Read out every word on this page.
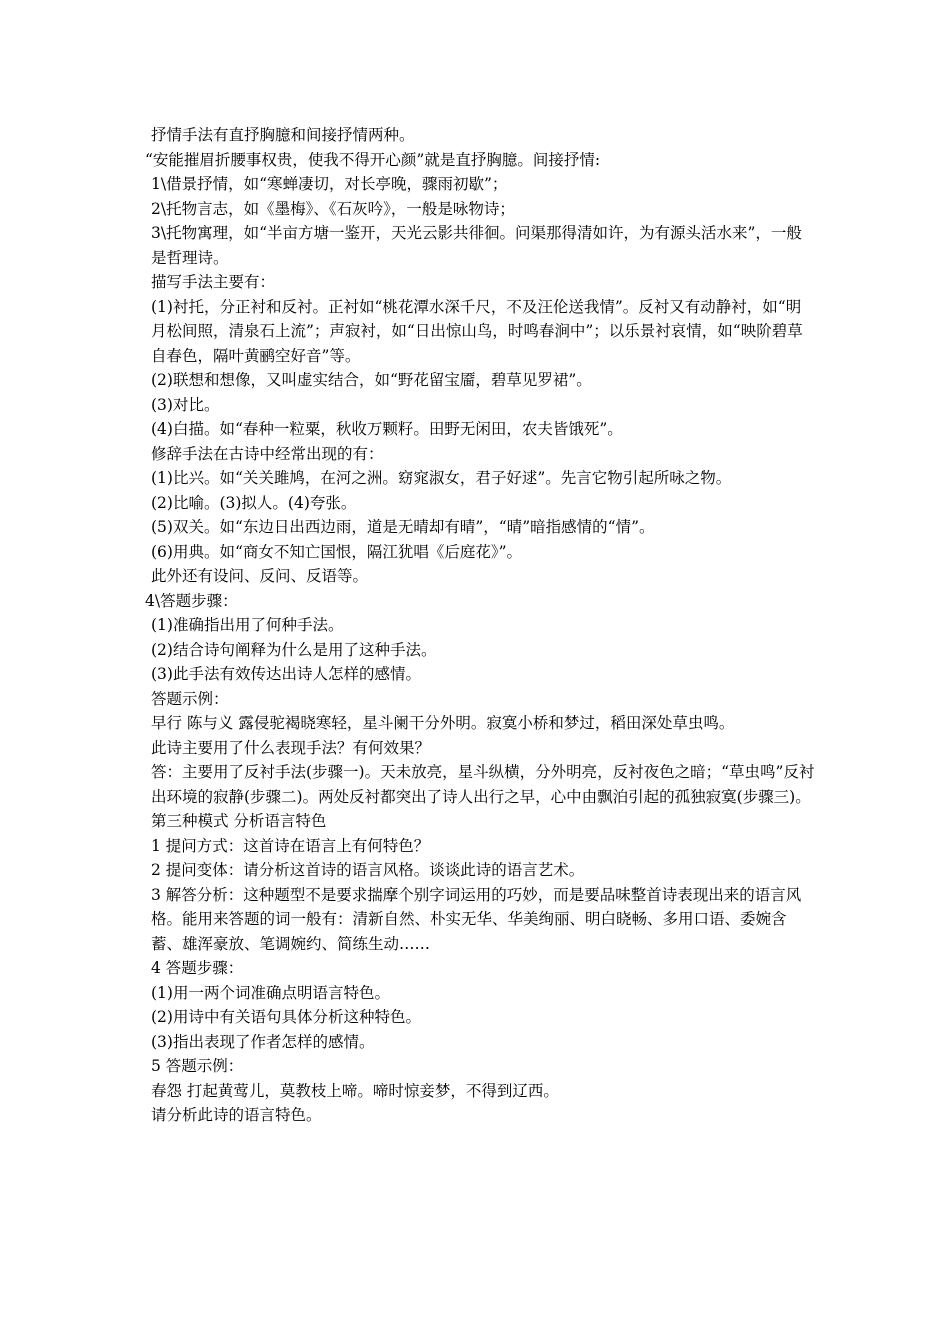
抒情手法有直抒胸臆和间接抒情两种。

“安能摧眉折腰事权贵，使我不得开心颜”就是直抒胸臆。间接抒情:

1\借景抒情，如“寒蝉凄切，对长亭晚，骤雨初歇”；

2\托物言志，如《墨梅》、《石灰吟》，一般是咏物诗；

3\托物寓理，如“半亩方塘一鉴开，天光云影共徘徊。问渠那得清如许，为有源头活水来”，一般是哲理诗。

描写手法主要有：

(1)衬托，分正衬和反衬。正衬如“桃花潭水深千尺，不及汪伦送我情”。反衬又有动静衬，如“明月松间照，清泉石上流”；声寂衬，如“日出惊山鸟，时鸣春涧中”；以乐景衬哀情，如“映阶碧草自春色，隔叶黄鹂空好音”等。

(2)联想和想像，又叫虚实结合，如“野花留宝靥，碧草见罗裙”。

(3)对比。

(4)白描。如“春种一粒粟，秋收万颗籽。田野无闲田，农夫皆饿死”。

修辞手法在古诗中经常出现的有：

(1)比兴。如“关关雎鸠，在河之洲。窈窕淑女，君子好逑”。先言它物引起所咏之物。

(2)比喻。(3)拟人。(4)夸张。

(5)双关。如“东边日出西边雨，道是无晴却有晴”，“晴”暗指感情的“情”。

(6)用典。如“商女不知亡国恨，隔江犹唱《后庭花》”。

此外还有设问、反问、反语等。

4\答题步骤：

(1)准确指出用了何种手法。

(2)结合诗句阐释为什么是用了这种手法。

(3)此手法有效传达出诗人怎样的感情。

答题示例：

早行 陈与义 露侵驼褐晓寒轻，星斗阑干分外明。寂寞小桥和梦过，稻田深处草虫鸣。

此诗主要用了什么表现手法？有何效果？

答：主要用了反衬手法(步骤一)。天未放亮，星斗纵横，分外明亮，反衬夜色之暗；“草虫鸣”反衬出环境的寂静(步骤二)。两处反衬都突出了诗人出行之早，心中由飘泊引起的孤独寂寞(步骤三)。

第三种模式 分析语言特色

1 提问方式：这首诗在语言上有何特色？

2 提问变体：请分析这首诗的语言风格。谈谈此诗的语言艺术。

3 解答分析：这种题型不是要求揣摩个别字词运用的巧妙，而是要品味整首诗表现出来的语言风格。能用来答题的词一般有：清新自然、朴实无华、华美绚丽、明白晓畅、多用口语、委婉含蓄、雄浑豪放、笔调婉约、简练生动……

4 答题步骤：

(1)用一两个词准确点明语言特色。

(2)用诗中有关语句具体分析这种特色。

(3)指出表现了作者怎样的感情。

5 答题示例：

春怨 打起黄莺儿，莫教枝上啼。啼时惊妾梦，不得到辽西。

请分析此诗的语言特色。
